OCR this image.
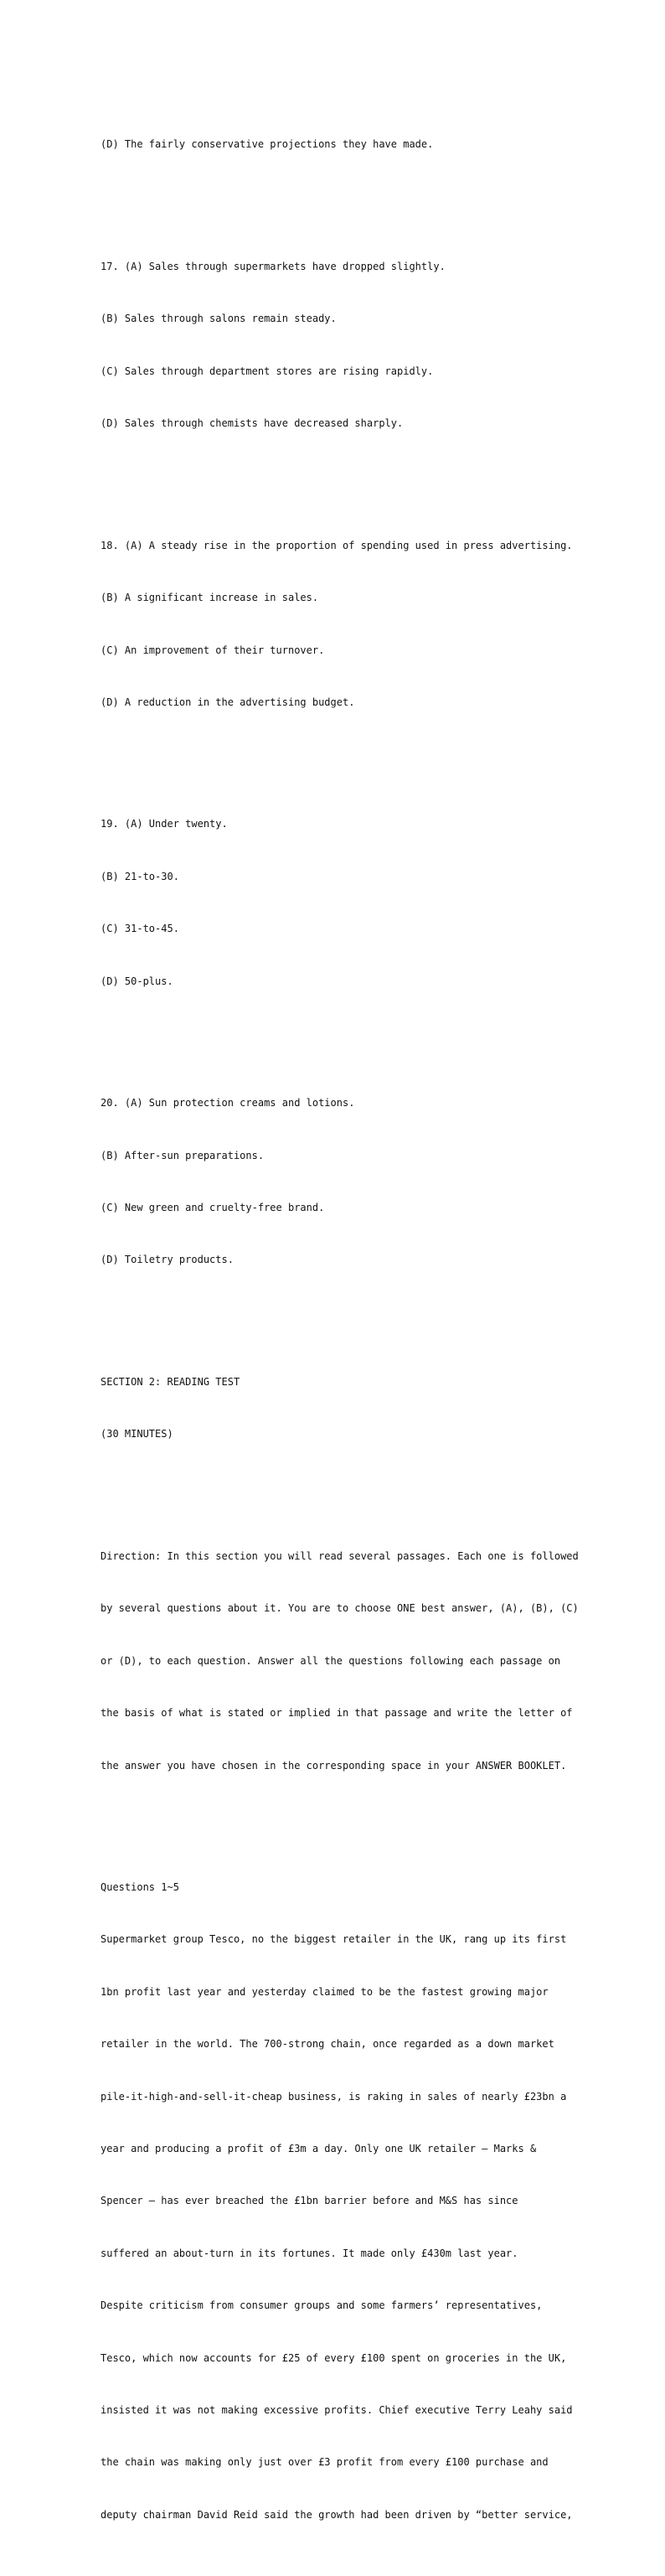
(D) The fairly conservative projections they have made.

17. (A) Sales through supermarkets have dropped slightly.

(B) Sales through salons remain steady.

(C) Sales through department stores are rising rapidly.

(D) Sales through chemists have decreased sharply.

18. (A) A steady rise in the proportion of spending used in press advertising.

(B) A significant increase in sales.

(C) An improvement of their turnover.

(D) A reduction in the advertising budget.

19. (A) Under twenty.

(B) 21-to-30.

(C) 31-to-45.

(D) 50-plus.

20. (A) Sun protection creams and lotions.

(B) After-sun preparations.

(C) New green and cruelty-free brand.

(D) Toiletry products.

SECTION 2: READING TEST

(30 MINUTES)

Direction: In this section you will read several passages. Each one is followed

by several questions about it. You are to choose ONE best answer, (A), (B), (C)

or (D), to each question. Answer all the questions following each passage on

the basis of what is stated or implied in that passage and write the letter of

the answer you have chosen in the corresponding space in your ANSWER BOOKLET.

Questions 1~5

Supermarket group Tesco, no the biggest retailer in the UK, rang up its first

1bn profit last year and yesterday claimed to be the fastest growing major

retailer in the world. The 700-strong chain, once regarded as a down market

pile-it-high-and-sell-it-cheap business, is raking in sales of nearly £23bn a

year and producing a profit of £3m a day. Only one UK retailer – Marks &

Spencer – has ever breached the £1bn barrier before and M&S has since

suffered an about-turn in its fortunes. It made only £430m last year.

Despite criticism from consumer groups and some farmers’ representatives,

Tesco, which now accounts for £25 of every £100 spent on groceries in the UK,

insisted it was not making excessive profits. Chief executive Terry Leahy said

the chain was making only just over £3 profit from every £100 purchase and

deputy chairman David Reid said the growth had been driven by “better service,
